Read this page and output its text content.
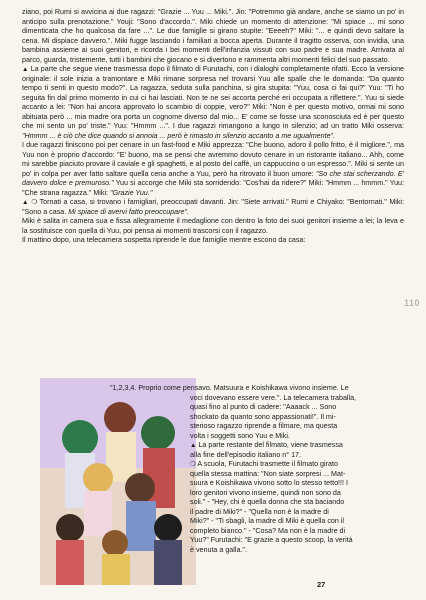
ziano, poi Rumi si avvicina ai due ragazzi: "Grazie ... Yuu ... Miki.". Jin: "Potremmo già andare, anche se siamo un po' in anticipo sulla prenotazione." Youji: "Sono d'accordo.". Miki chiede un momento di attenzione: "Mi spiace ... mi sono dimenticata che ho qualcosa da fare ...". Le due famiglie si girano stupite: "Eeeeh?" Miki: "... e quindi devo saltare la cena. Mi dispiace davvero.". Miki fugge lasciando i familiari a bocca aperta. Durante il tragitto osserva, con invidia, una bambina assieme ai suoi genitori, e ricorda i bei momenti dell'infanzia vissuti con suo padre e sua madre. Arrivata al parco, guarda, tristemente, tutti i bambini che giocano e si divertono e rammenta altri momenti felici del suo passato.

▲ La parte che segue viene trasmessa dopo il filmato di Furutachi, con i dialoghi completamente rifatti. Ecco la versione originale: il sole inizia a tramontare e Miki rimane sorpresa nel trovarsi Yuu alle spalle che le domanda: "Da quanto tempo ti senti in questo modo?". La ragazza, seduta sulla panchina, si gira stupita: "Yuu, cosa ci fai qui?" Yuu: "Ti ho seguita fin dal primo momento in cui ci hai lasciati. Non te ne sei accorta perché eri occupata a riflettere.". Yuu si siede accanto a lei: "Non hai ancora approvato lo scambio di coppie, vero?" Miki: "Non è per questo motivo, ormai mi sono abituata però ... mia madre ora porta un cognome diverso dal mio... E' come se fosse una sconosciuta ed è per questo che mi sento un po' triste." Yuu: "Hmmm ...". I due ragazzi rimangono a lungo in silenzio; ad un tratto Miki osserva: "Hmmm ... è ciò che dice quando si annoia ... però è rimasto in silenzio accanto a me ugualmente".

I due ragazzi finiscono poi per cenare in un fast-food e Miki apprezza: "Che buono, adoro il pollo fritto, è il migliore.", ma Yuu non è proprio d'accordo: "E' buono, ma se pensi che avremmo dovuto cenare in un ristorante italiano... Ahh, come mi sarebbe piaciuto provare il caviale e gli spaghetti, e al posto del caffè, un cappuccino o un espresso.". Miki si sente un po' in colpa per aver fatto saltare quella cena anche a Yuu, però ha ritrovato il buon umore: "So che stai scherzando. E' davvero dolce e premuroso." Yuu si accorge che Miki sta sorridendo: "Cos'hai da ridere?" Miki: "Hmmm ... hmmm." Yuu: "Che strana ragazza." Miki: "Grazie Yuu."

▲ ❍ Tornati a casa, si trovano i famigliari, preoccupati davanti. Jin: "Siete arrivati." Rumi e Chiyako: "Bentornati." Miki: "Sono a casa. Mi spiace di avervi fatto preoccupare".

Miki è salita in camera sua e fissa allegramente il medaglione con dentro la foto dei suoi genitori insieme a lei; la leva e la sostituisce con quella di Yuu, poi pensa ai momenti trascorsi con il ragazzo.

Il mattino dopo, una telecamera sospetta riprende le due famiglie mentre escono da casa:

110
"1,2,3,4. Proprio come pensavo. Matsuura e Koishikawa vivono insieme. Le
voci dovevano essere vere.". La telecamera traballa,
quasi fino al punto di cadere: "Aaaack ... Sono
shockato da quanto sono appassionati!". Il mi-
sterioso ragazzo riprende a filmare, ma questa
volta i soggetti sono Yuu e Miki.
▲ La parte restante del filmato, viene trasmessa
alla fine dell'episodio italiano n° 17.
❍ A scuola, Furutachi trasmette il filmato girato
quella stessa mattina: "Non siate sorpresi ... Mat-
suura e Koishikawa vivono sotto lo stesso tetto!!! I
loro genitori vivono insieme, quindi non sono da
soli." - "Hey, chi è quella donna che sta baciando
il padre di Miki?" - "Quella non è la madre di
Miki?" - "Ti sbagli, la madre di Miki è quella con il
completo bianco." - "Cosa? Ma non è la madre di
Yuu?" Furutachi: "E grazie a questo scoop, la verità
è venuta a galla.".
27
